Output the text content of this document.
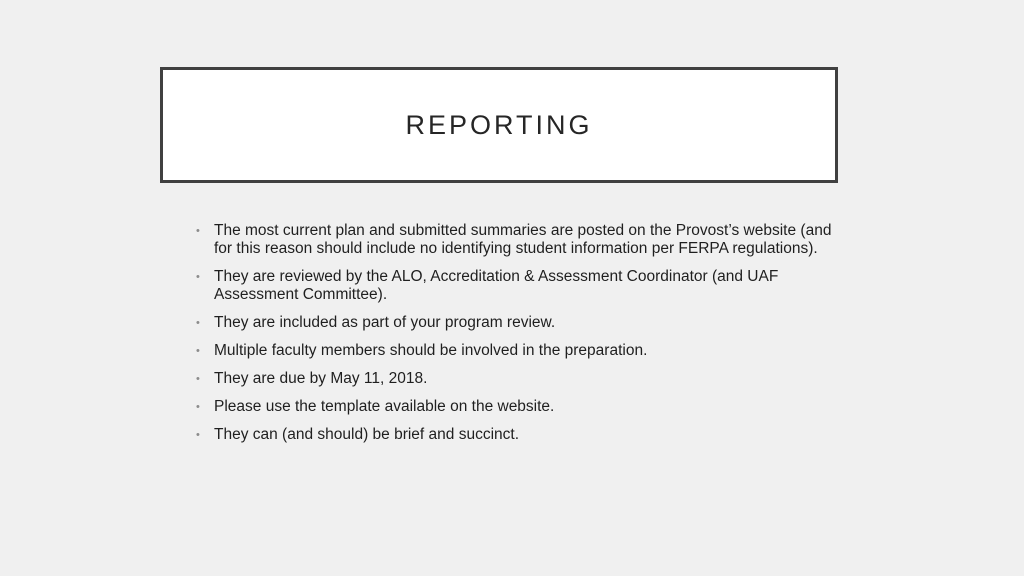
REPORTING
• The most current plan and submitted summaries are posted on the Provost’s website (and for this reason should include no identifying student information per FERPA regulations).
• They are reviewed by the ALO, Accreditation & Assessment Coordinator (and UAF Assessment Committee).
• They are included as part of your program review.
• Multiple faculty members should be involved in the preparation.
• They are due by May 11, 2018.
• Please use the template available on the website.
• They can (and should) be brief and succinct.
